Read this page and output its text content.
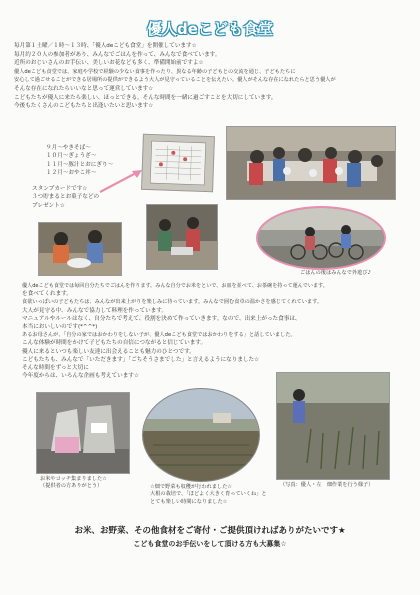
優人deこども食堂

毎月第１土曜／１時～１３時、「優人deこども食堂」を開催しています☆

毎月約２０人の参加者があり、みんなでごはんを作って、みんなで食べています。

近所のおじいさんのお手伝い、美しいお花なども多く、準備開始前ですよ☆

優人deこども食堂では、家庭や学校で経験の少ない食事を作ったり、異なる年齢の子どもとの交流を通じ、子どもたちに

安心して過ごせることができる居場所の提供ができるよう大人が見守っていることを伝えたい。優人がそんな存在になれたらと思う優人が

そんな存在になれたらいいなと思って運営しています☆

こどもたちが優人に来たら楽しい、ほっとできる。そんな時間を一緒に過ごすことを大切にしています。

今後もたくさんのこどもたちと出逢いたいと思います☆

９月～やきそば～

１０月～ぎょうざ～

１１月～豚汁とおにぎり～

１２月～おやこ丼～

スタンプカードです☆

３つ貯まるとお菓子などの

プレゼント☆

ごはんの後はみんなで外遊び♪

優人deこども食堂では毎回自分たちでごはんを作ります。みんな自分でお米をといで、お皿を並べて、お茶碗を持って運んでいます。

を食べてくれます。

食欲いっぱいの子どもたちは、みんなが出来上がりを楽しみに待っています。みんなで囲む食卓の温かさを感じてくれています。

大人が見守る中、みんなで協力して料理を作っています。

マニュアルやルールはなく、自分たちで考えて、役割を決めて作っていきます。なので、出来上がった食事は、

本当においしいのです(*^^*)

あるお母さんが、「自分の家ではおかわりをしない子が、優人deこども食堂ではおかわりをする」と話していました。

こんな体験が時間をかけて子どもたちの自信につながると信じています。

優人に来るといつも楽しい友達に出会えることも魅力のひとつです。

こどもたちも、みんなで「いただきます」「ごちそうさまでした」と言えるようになりました☆

そんな時間をずっと大切に

今年度からは、いろんな企画も考えています☆

お米やコッチ集まりました☆
（提供者の方ありがとう）	☆畑で野菜も収穫が行われました☆
大根の栽培で、「ほどよく大きく育っていくね」と
とても楽しい時間になりました☆
（写真：優人・左　畑作業を行う様子）
お米、お野菜、その他食材をご寄付・ご提供頂ければありがたいです★
こども食堂のお手伝いをして頂ける方も大募集☆
